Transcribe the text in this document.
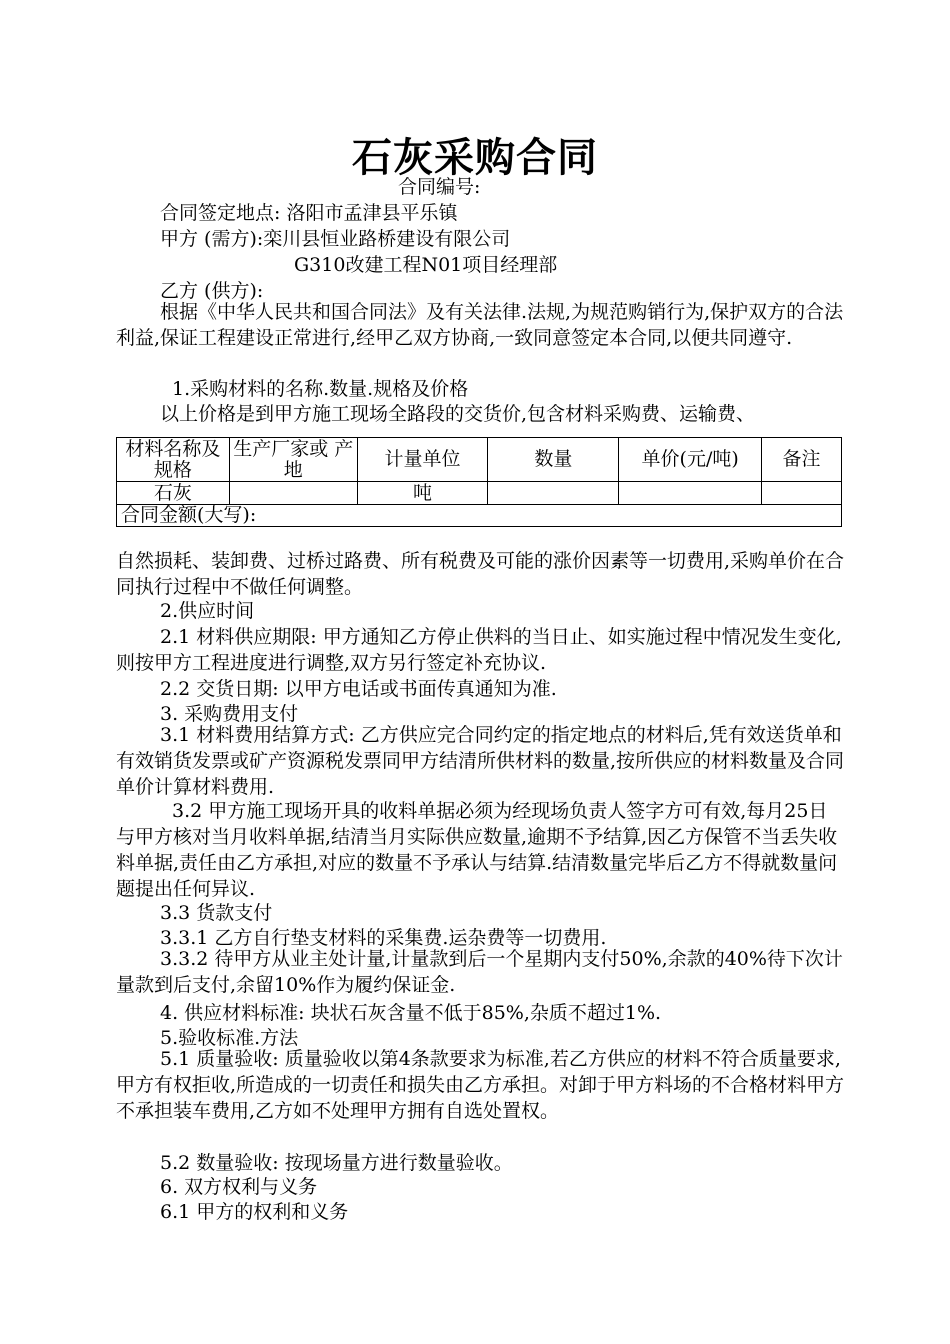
石灰采购合同
合同编号:
合同签定地点: 洛阳市孟津县平乐镇
甲方 (需方):栾川县恒业路桥建设有限公司
G310改建工程N01项目经理部
乙方 (供方):
根据《中华人民共和国合同法》及有关法律.法规,为规范购销行为,保护双方的合法利益,保证工程建设正常进行,经甲乙双方协商,一致同意签定本合同,以便共同遵守.
1.采购材料的名称.数量.规格及价格
以上价格是到甲方施工现场全路段的交货价,包含材料采购费、运输费、
材料名称及 规格	生产厂家或 产地	计量单位	数量	单价(元/吨)	备注
石灰		吨			
合同金额(大写):					
自然损耗、装卸费、过桥过路费、所有税费及可能的涨价因素等一切费用,采购单价在合同执行过程中不做任何调整。
2.供应时间
2.1 材料供应期限: 甲方通知乙方停止供料的当日止、如实施过程中情况发生变化,则按甲方工程进度进行调整,双方另行签定补充协议.
2.2 交货日期: 以甲方电话或书面传真通知为准.
3. 采购费用支付
3.1 材料费用结算方式: 乙方供应完合同约定的指定地点的材料后,凭有效送货单和有效销货发票或矿产资源税发票同甲方结清所供材料的数量,按所供应的材料数量及合同单价计算材料费用.
3.2 甲方施工现场开具的收料单据必须为经现场负责人签字方可有效,每月25日与甲方核对当月收料单据,结清当月实际供应数量,逾期不予结算,因乙方保管不当丢失收料单据,责任由乙方承担,对应的数量不予承认与结算.结清数量完毕后乙方不得就数量问题提出任何异议.
3.3 货款支付
3.3.1 乙方自行垫支材料的采集费.运杂费等一切费用.
3.3.2 待甲方从业主处计量,计量款到后一个星期内支付50%,余款的40%待下次计量款到后支付,余留10%作为履约保证金.
4. 供应材料标准: 块状石灰含量不低于85%,杂质不超过1%.
5.验收标准.方法
5.1 质量验收: 质量验收以第4条款要求为标准,若乙方供应的材料不符合质量要求,甲方有权拒收,所造成的一切责任和损失由乙方承担。对卸于甲方料场的不合格材料甲方不承担装车费用,乙方如不处理甲方拥有自选处置权。
5.2 数量验收: 按现场量方进行数量验收。
6. 双方权利与义务
6.1 甲方的权利和义务
